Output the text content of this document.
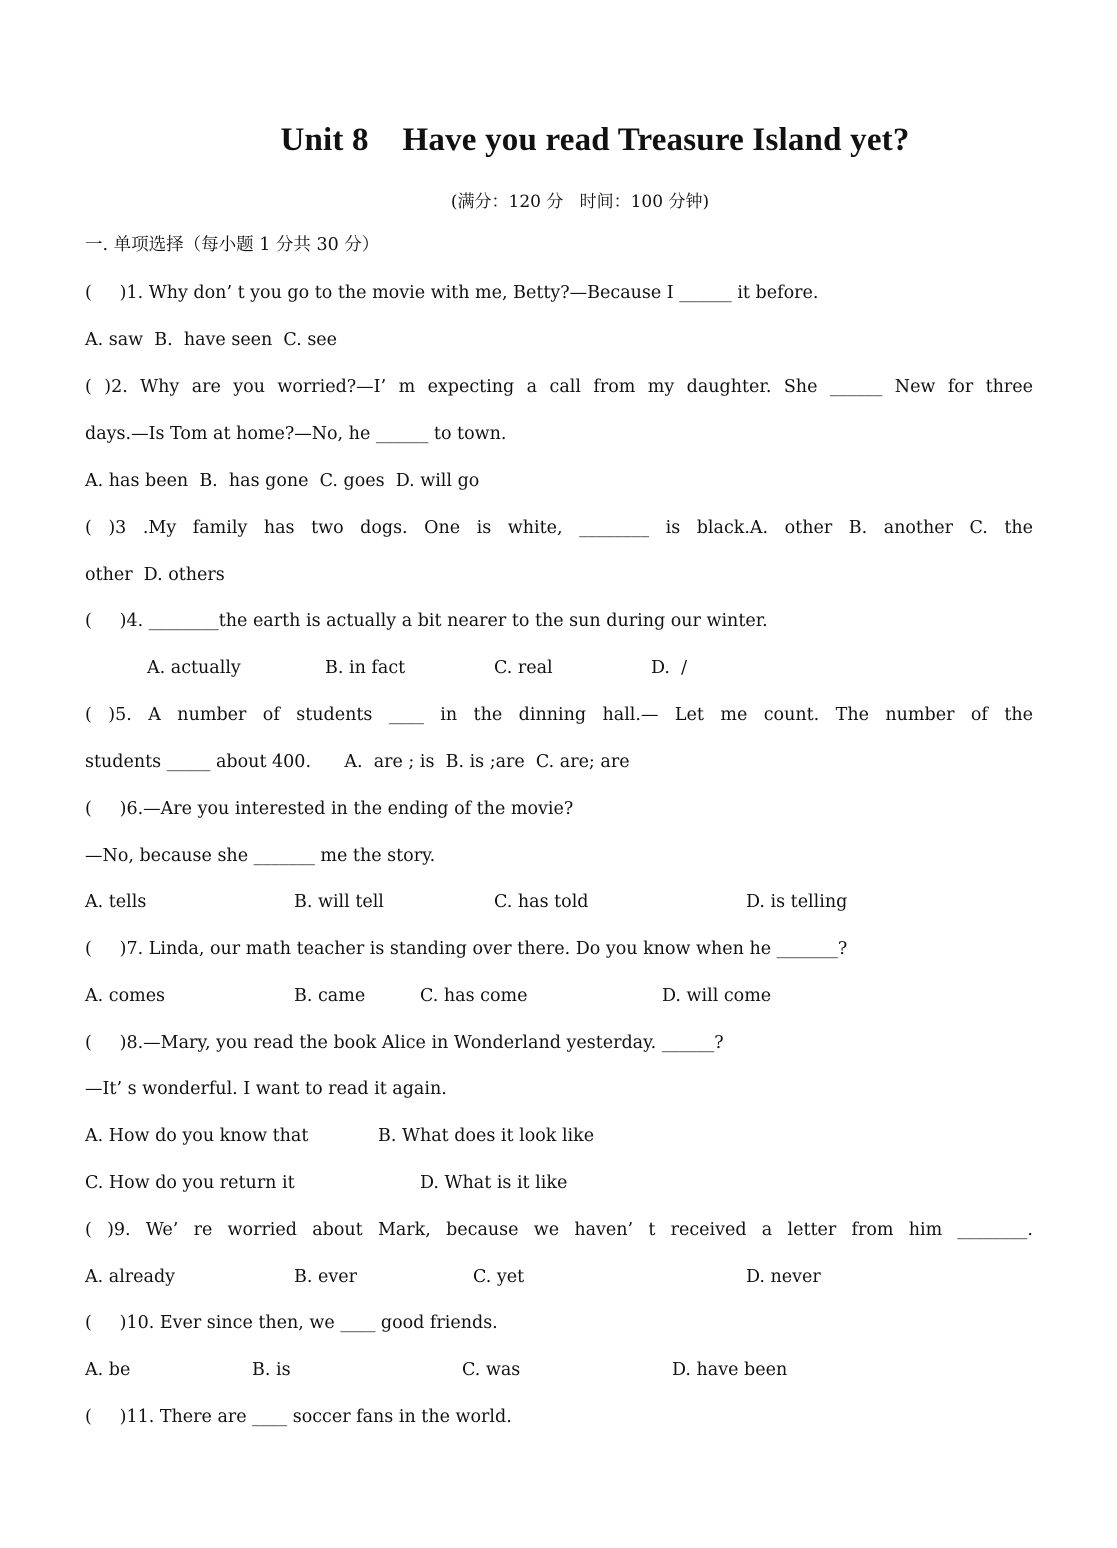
Unit 8    Have you read Treasure Island yet?
(满分：120 分   时间：100 分钟)
一. 单项选择（每小题 1 分共 30 分）
(     )1. Why don’ t you go to the movie with me, Betty?—Because I ______ it before.
A. saw  B.  have seen  C. see
( )2. Why are you worried?—I’ m expecting a call from my daughter. She ______ New for three
days.—Is Tom at home?—No, he ______ to town.
A. has been  B.  has gone  C. goes  D. will go
( )3 .My family has two dogs. One is white, ________ is black.A. other B. another C. the
other  D. others
(     )4. ________the earth is actually a bit nearer to the sun during our winter.
A. actually	B. in fact	C. real	D.  /
( )5. A number of students ____ in the dinning hall.— Let me count. The number of the
students _____ about 400.      A.  are ; is  B. is ;are  C. are; are
(     )6.—Are you interested in the ending of the movie?
—No, because she _______ me the story.
A. tells	B. will tell	C. has told	D. is telling
(     )7. Linda, our math teacher is standing over there. Do you know when he _______?
A. comes	B. came	C. has come	D. will come
(     )8.—Mary, you read the book Alice in Wonderland yesterday. ______?
—It’ s wonderful. I want to read it again.
A. How do you know that	B. What does it look like
C. How do you return it	D. What is it like
( )9. We’ re worried about Mark, because we haven’ t received a letter from him ________.
A. already	B. ever	C. yet	D. never
(     )10. Ever since then, we ____ good friends.
A. be	B. is	C. was	D. have been
(     )11. There are ____ soccer fans in the world.
